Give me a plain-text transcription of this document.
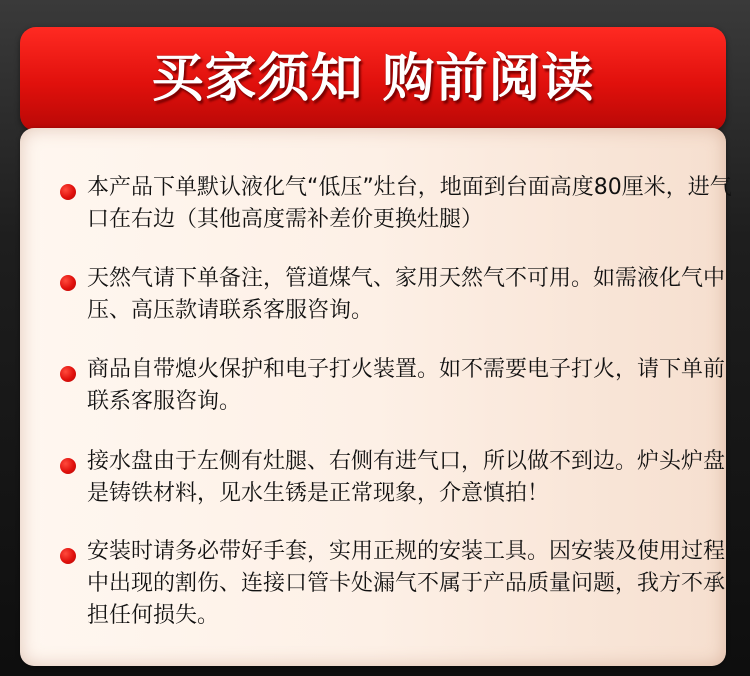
买家须知 购前阅读
本产品下单默认液化气“低压”灶台，地面到台面高度80厘米，进气口在右边（其他高度需补差价更换灶腿）
天然气请下单备注，管道煤气、家用天然气不可用。如需液化气中压、高压款请联系客服咨询。
商品自带熄火保护和电子打火装置。如不需要电子打火，请下单前联系客服咨询。
接水盘由于左侧有灶腿、右侧有进气口，所以做不到边。炉头炉盘是铸铁材料，见水生锈是正常现象，介意慎拍！
安装时请务必带好手套，实用正规的安装工具。因安装及使用过程中出现的割伤、连接口管卡处漏气不属于产品质量问题，我方不承担任何损失。
